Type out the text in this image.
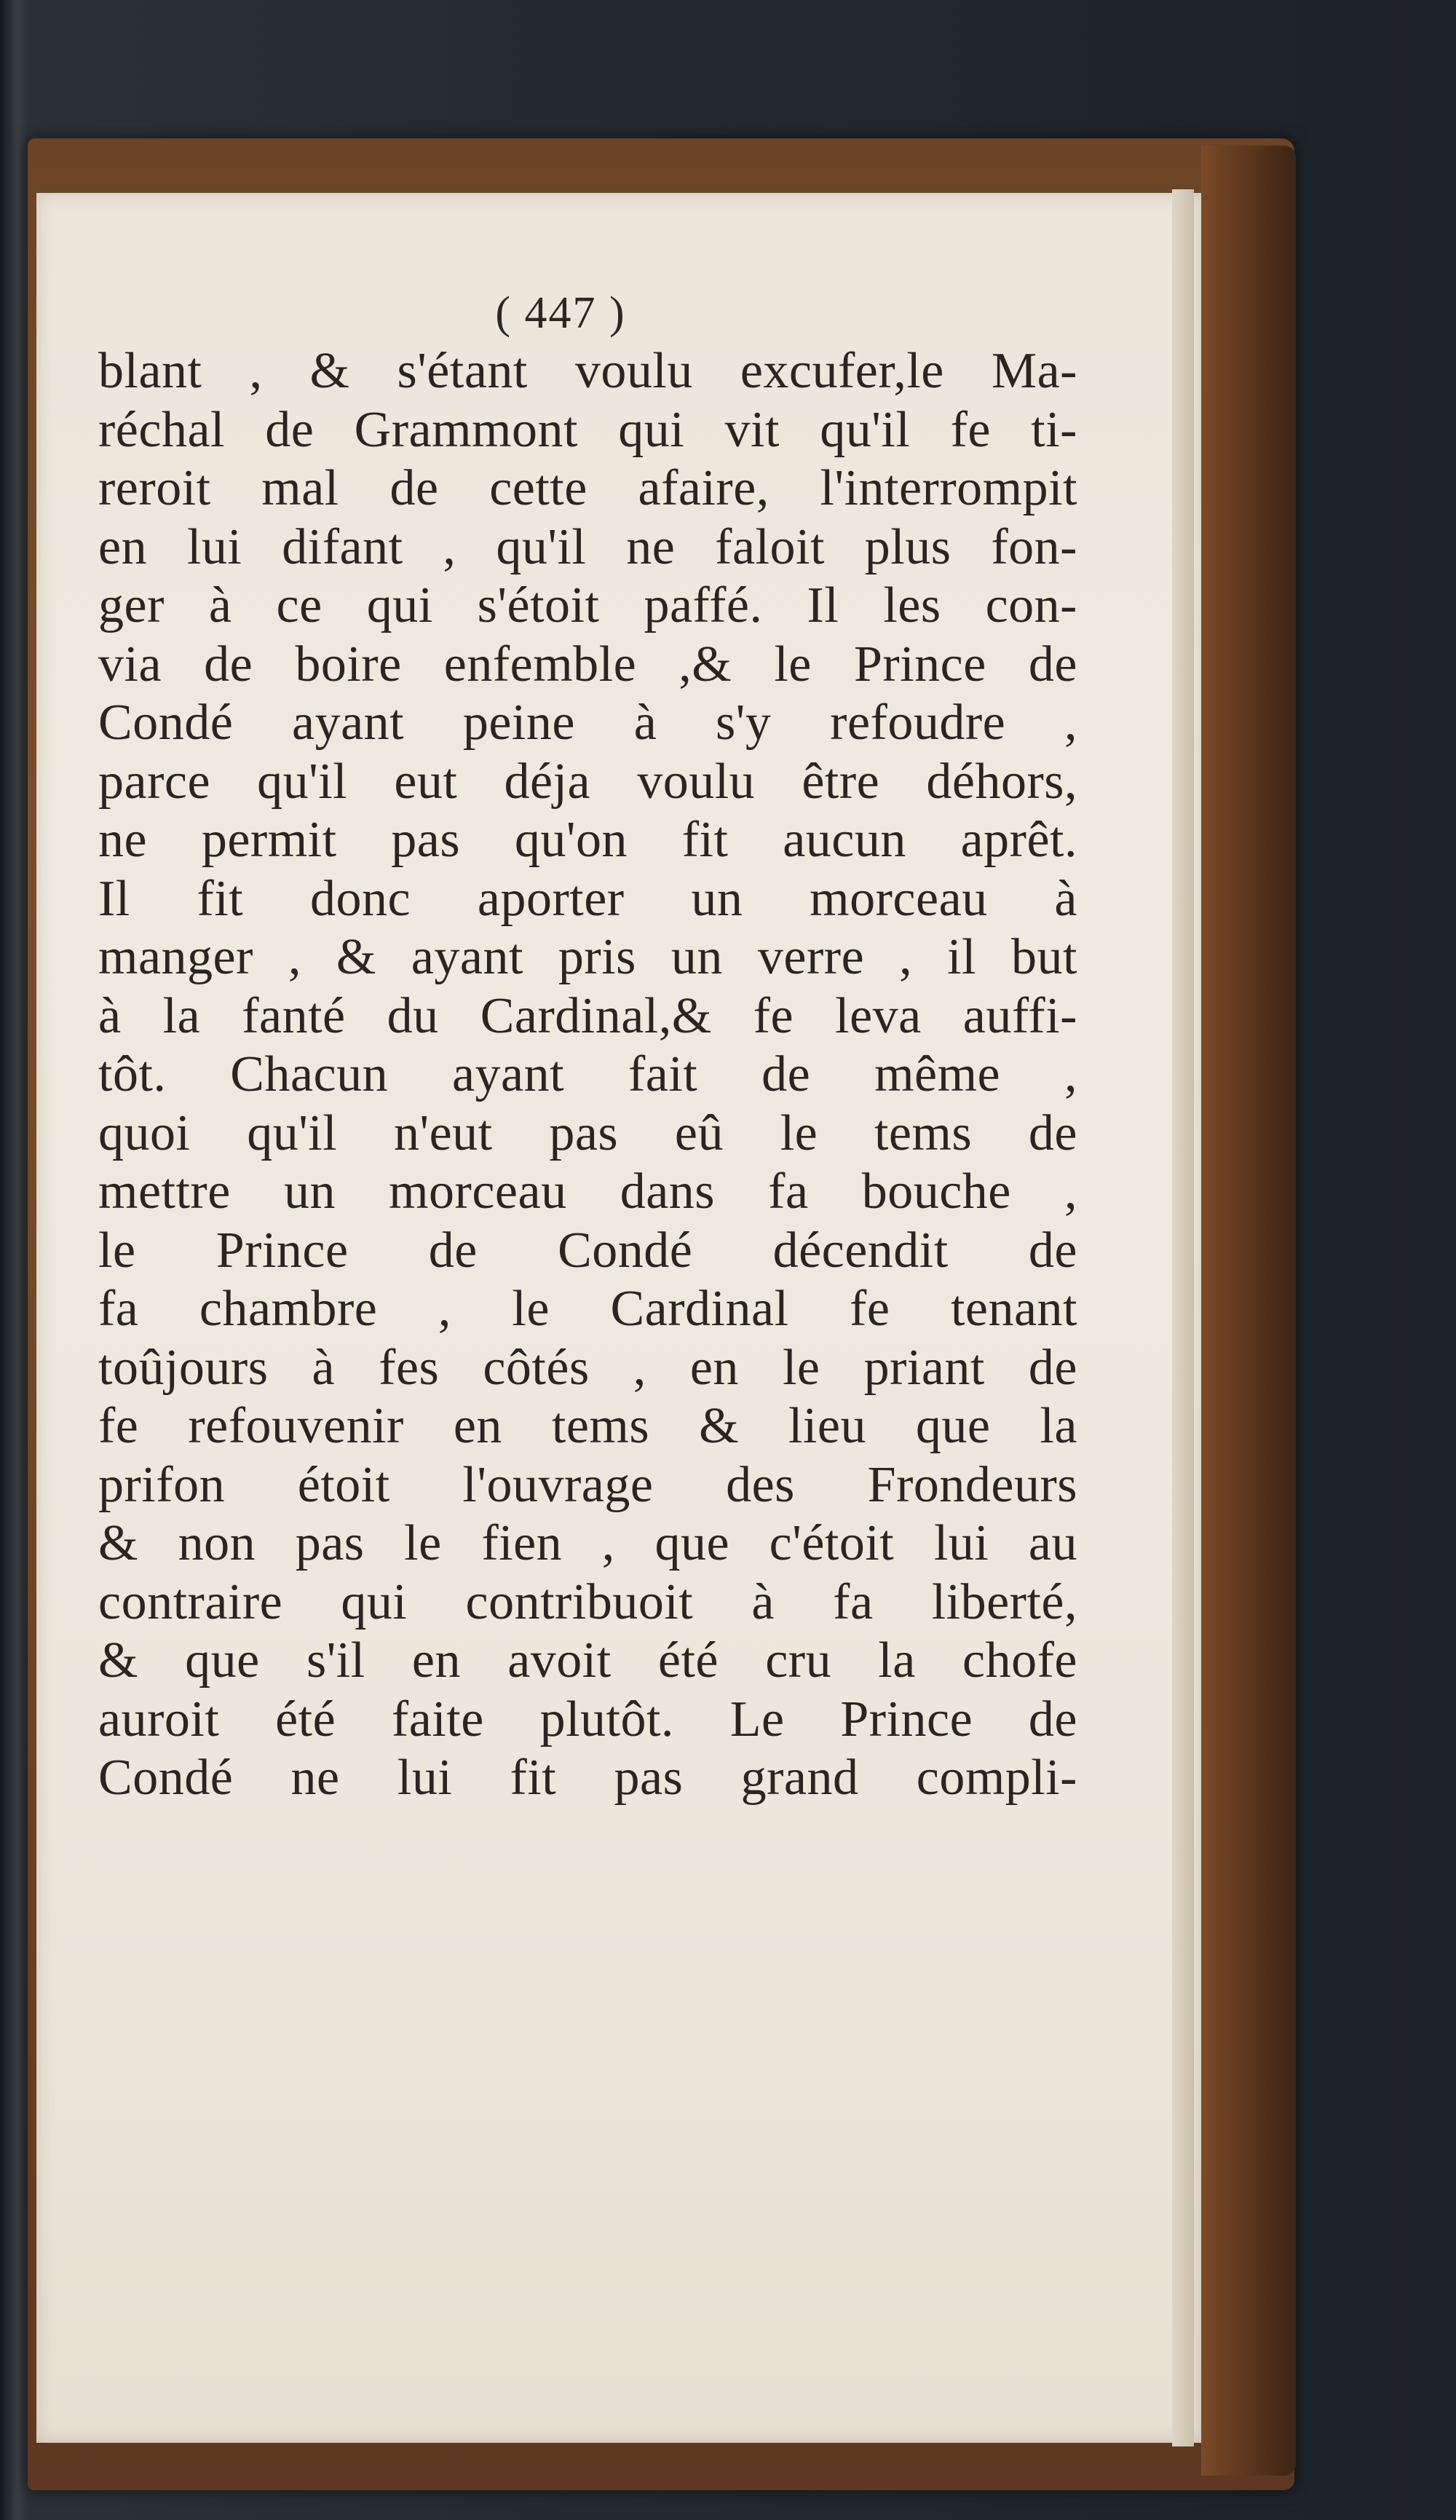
( 447 )
blant , & s'étant voulu excufer,le Ma-
réchal de Grammont qui vit qu'il fe ti-
reroit mal de cette afaire, l'interrompit
en lui difant , qu'il ne faloit plus fon-
ger à ce qui s'étoit paffé. Il les con-
via de boire enfemble ,& le Prince de
Condé ayant peine à s'y refoudre ,
parce qu'il eut déja voulu être déhors,
ne permit pas qu'on fit aucun aprêt.
Il fit donc aporter un morceau à
manger , & ayant pris un verre , il but
à la fanté du Cardinal,& fe leva auffi-
tôt. Chacun ayant fait de même ,
quoi qu'il n'eut pas eû le tems de
mettre un morceau dans fa bouche ,
le Prince de Condé décendit de
fa chambre , le Cardinal fe tenant
toûjours à fes côtés , en le priant de
fe refouvenir en tems & lieu que la
prifon étoit l'ouvrage des Frondeurs
& non pas le fien , que c'étoit lui au
contraire qui contribuoit à fa liberté,
& que s'il en avoit été cru la chofe
auroit été faite plutôt. Le Prince de
Condé ne lui fit pas grand compli-
